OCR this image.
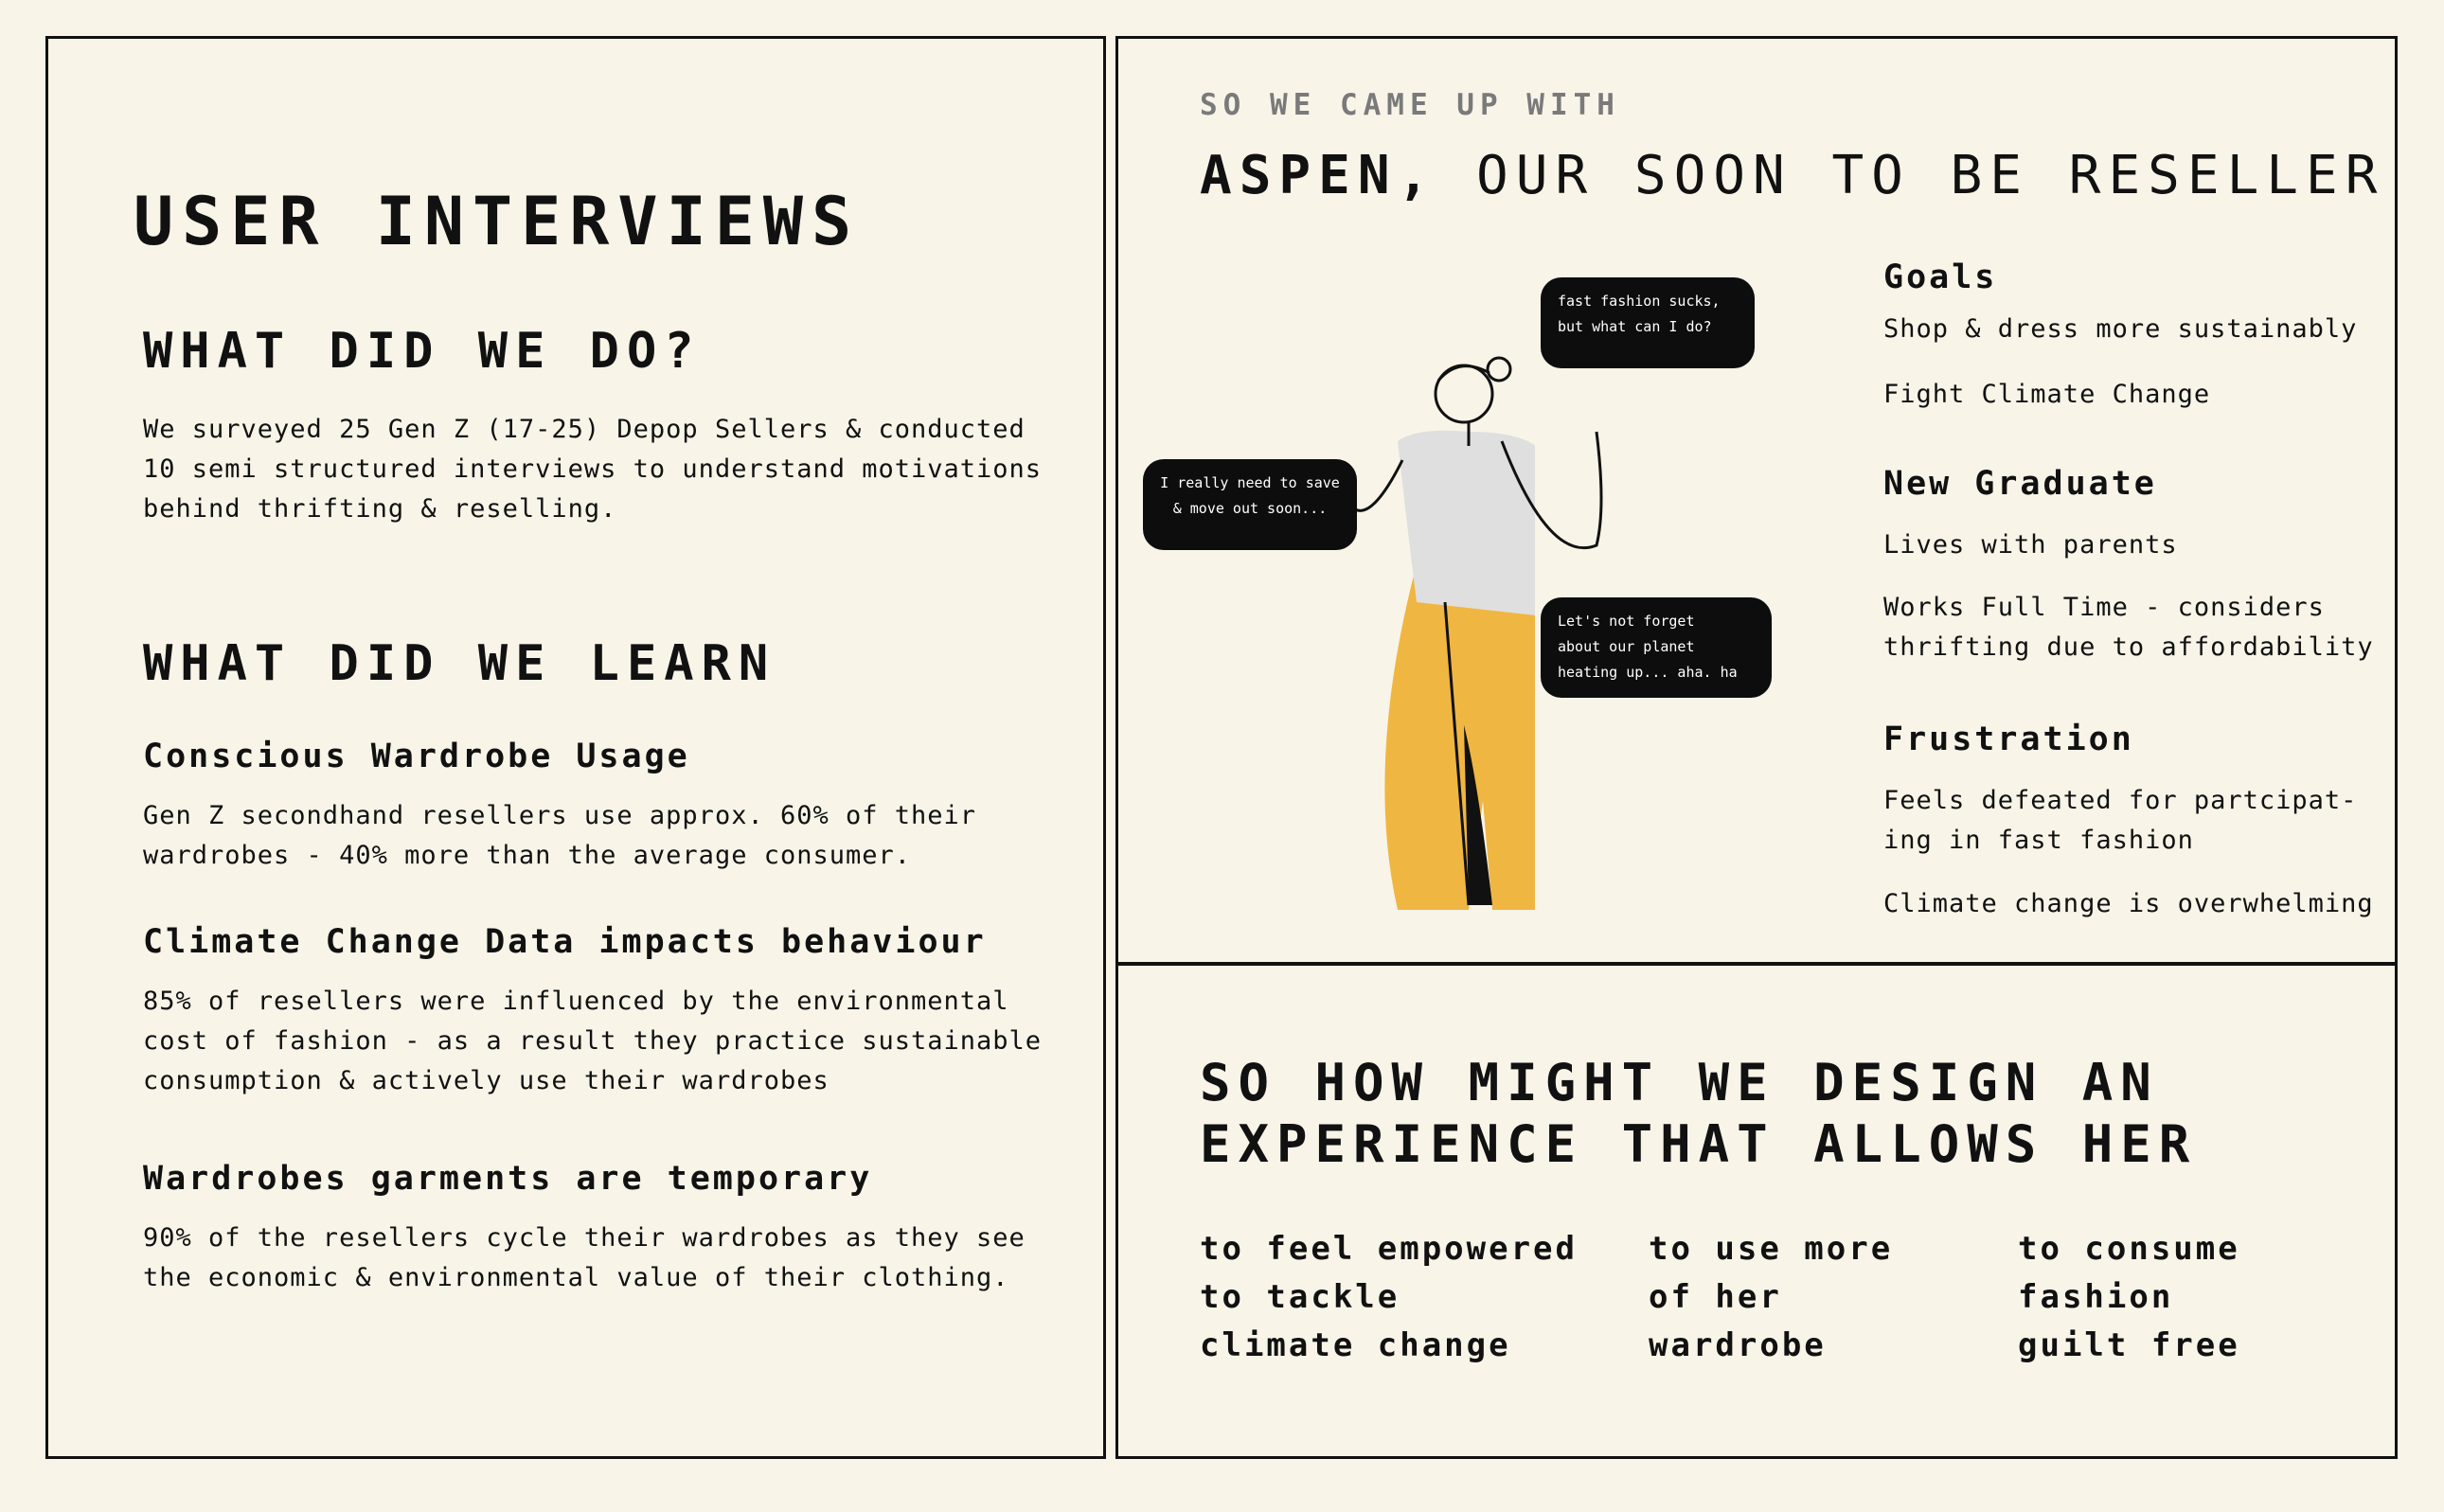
USER INTERVIEWS
WHAT DID WE DO?

We surveyed 25 Gen Z (17-25) Depop Sellers & conducted
10 semi structured interviews to understand motivations
behind thrifting & reselling.

WHAT DID WE LEARN
Conscious Wardrobe Usage

Gen Z secondhand resellers use approx. 60% of their
wardrobes - 40% more than the average consumer.

Climate Change Data impacts behaviour

85% of resellers were influenced by the environmental
cost of fashion - as a result they practice sustainable
consumption & actively use their wardrobes

Wardrobes garments are temporary

90% of the resellers cycle their wardrobes as they see
the economic & environmental value of their clothing.

SO WE CAME UP WITH
ASPEN, OUR SOON TO BE RESELLER
fast fashion sucks,
but what can I do?
I really need to save
& move out soon...
Let's not forget
about our planet
heating up... aha. ha
Goals

Shop & dress more sustainably

Fight Climate Change

New Graduate

Lives with parents

Works Full Time - considers
thrifting due to affordability

Frustration

Feels defeated for partcipat-
ing in fast fashion

Climate change is overwhelming

SO HOW MIGHT WE DESIGN AN
EXPERIENCE THAT ALLOWS HER

to feel empowered
to tackle
climate change

to use more
of her
wardrobe

to consume
fashion
guilt free
